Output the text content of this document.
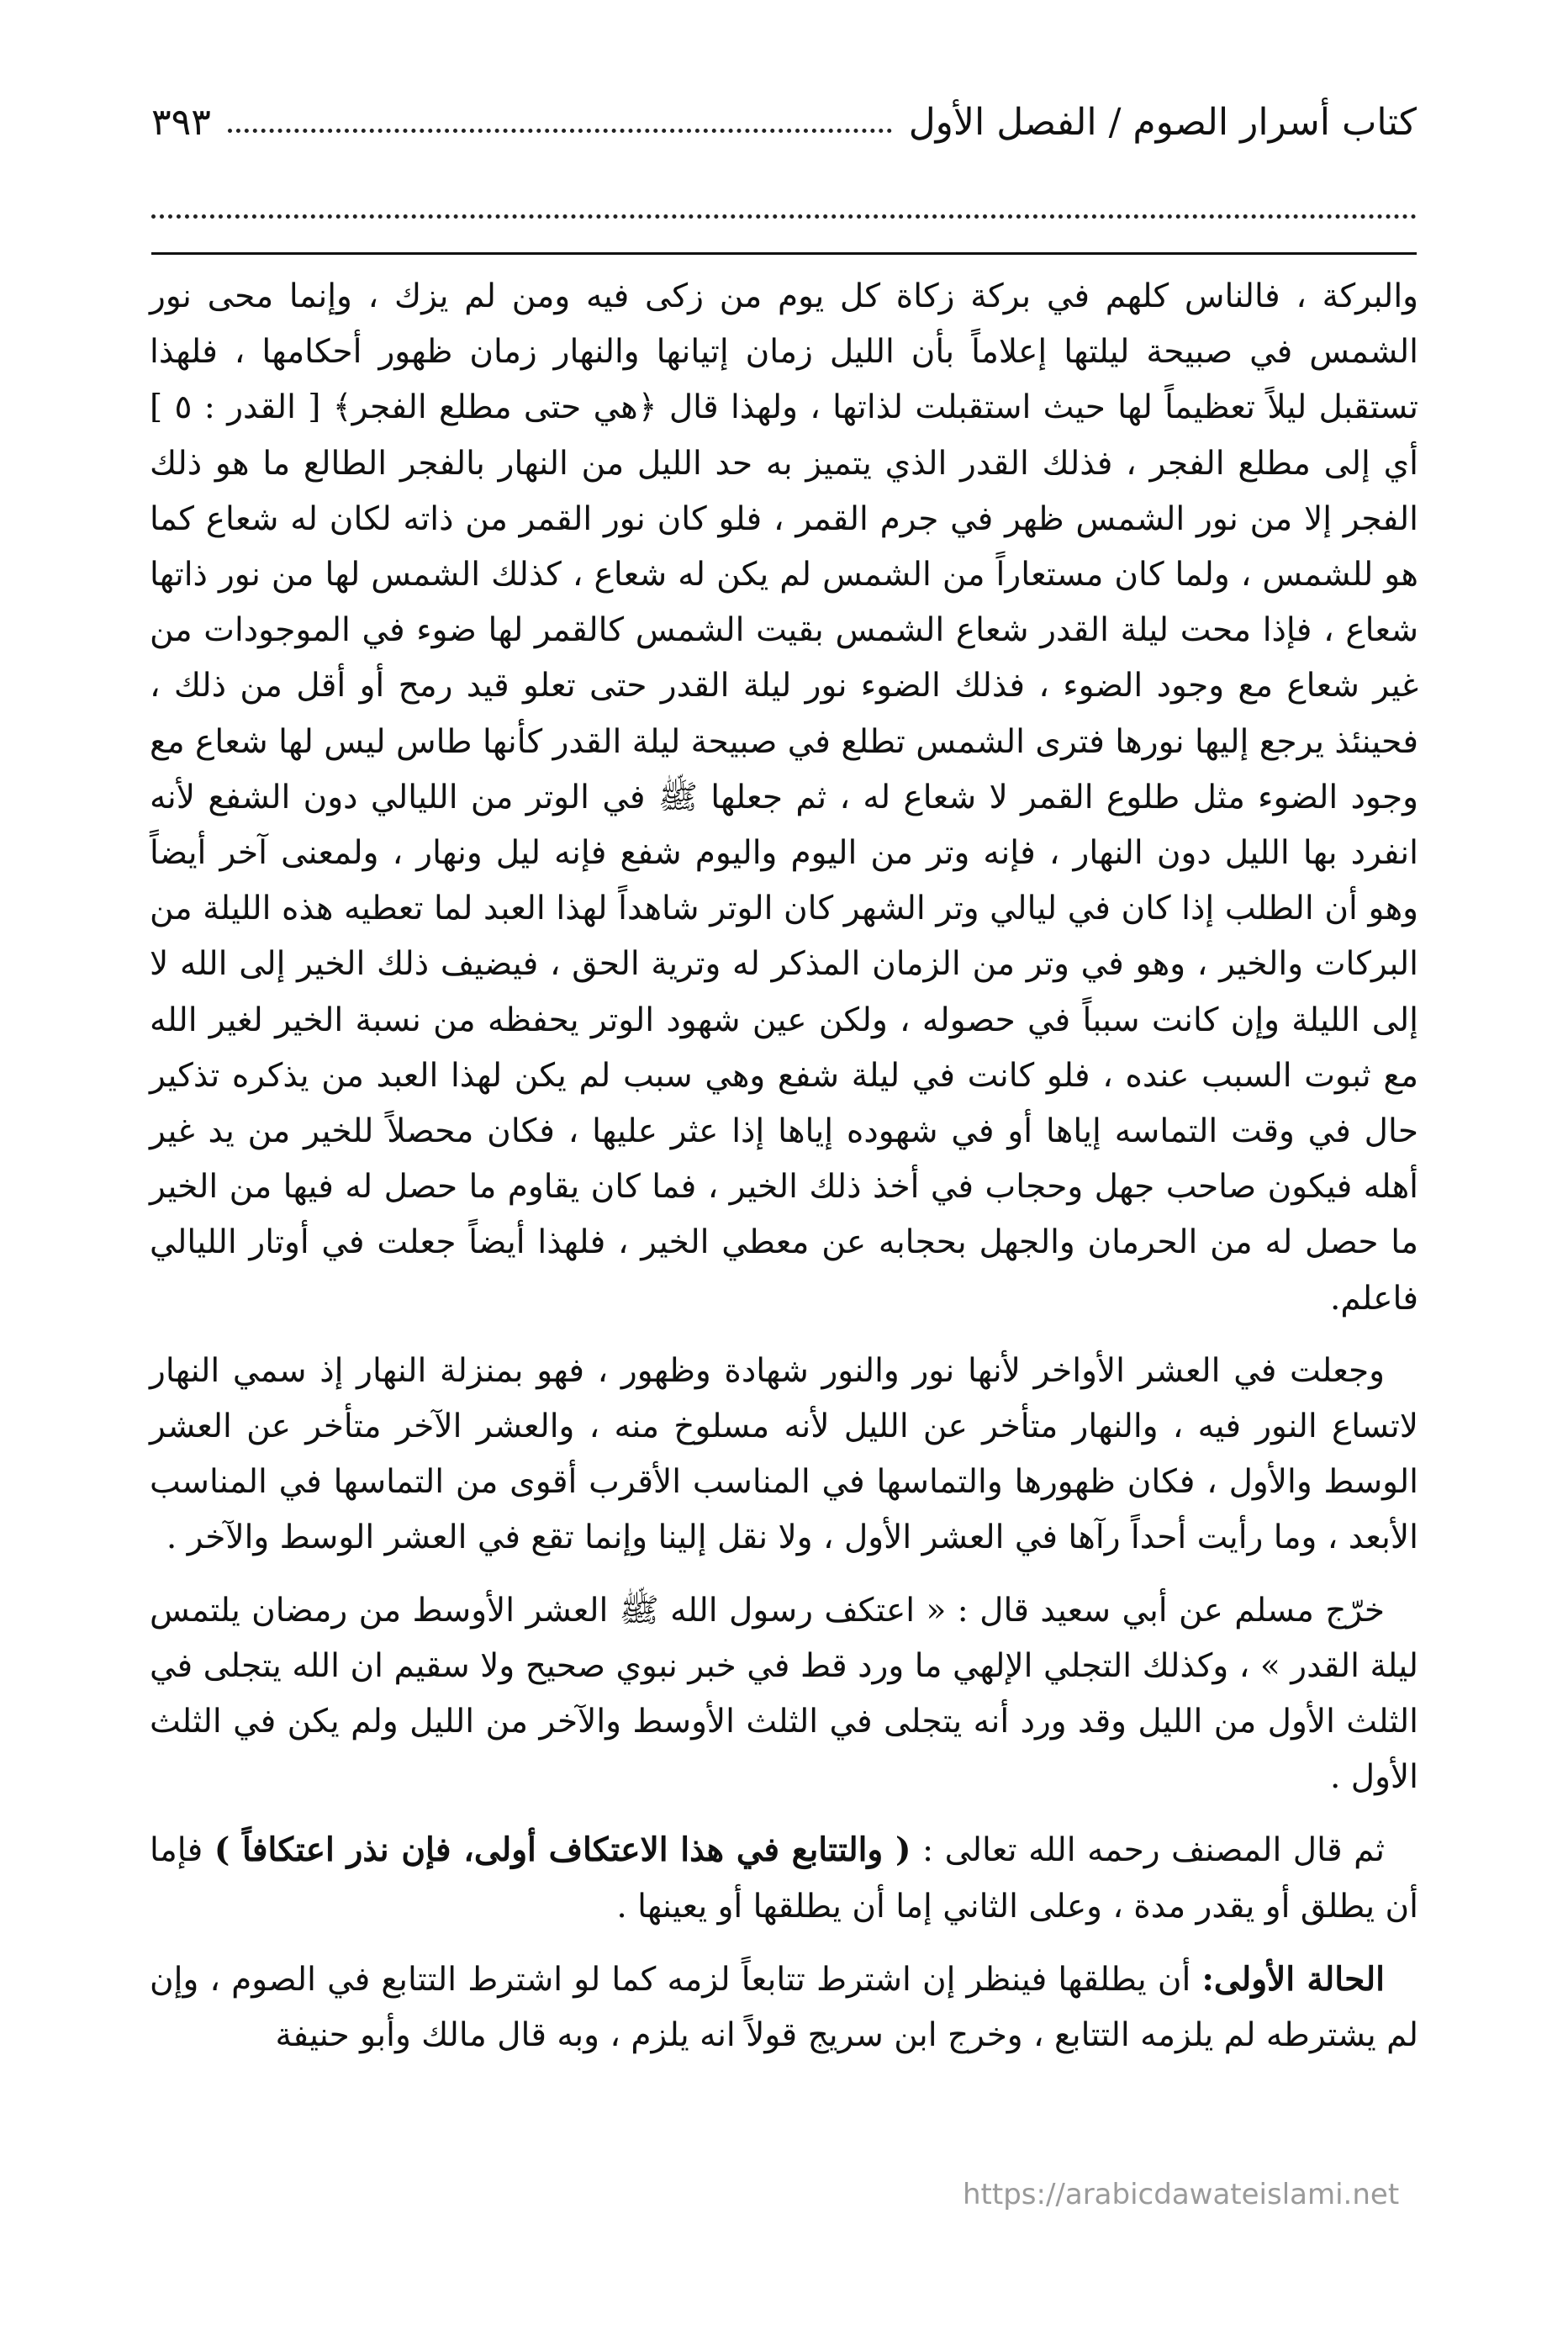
كتاب أسرار الصوم / الفصل الأول
٣٩٣

والبركة ، فالناس كلهم في بركة زكاة كل يوم من زكى فيه ومن لم يزك ، وإنما محى نور الشمس في صبيحة ليلتها إعلاماً بأن الليل زمان إتيانها والنهار زمان ظهور أحكامها ، فلهذا تستقبل ليلاً تعظيماً لها حيث استقبلت لذاتها ، ولهذا قال ﴿هي حتى مطلع الفجر﴾ [ القدر : ٥ ] أي إلى مطلع الفجر ، فذلك القدر الذي يتميز به حد الليل من النهار بالفجر الطالع ما هو ذلك الفجر إلا من نور الشمس ظهر في جرم القمر ، فلو كان نور القمر من ذاته لكان له شعاع كما هو للشمس ، ولما كان مستعاراً من الشمس لم يكن له شعاع ، كذلك الشمس لها من نور ذاتها شعاع ، فإذا محت ليلة القدر شعاع الشمس بقيت الشمس كالقمر لها ضوء في الموجودات من غير شعاع مع وجود الضوء ، فذلك الضوء نور ليلة القدر حتى تعلو قيد رمح أو أقل من ذلك ، فحينئذ يرجع إليها نورها فترى الشمس تطلع في صبيحة ليلة القدر كأنها طاس ليس لها شعاع مع وجود الضوء مثل طلوع القمر لا شعاع له ، ثم جعلها ﷺ في الوتر من الليالي دون الشفع لأنه انفرد بها الليل دون النهار ، فإنه وتر من اليوم واليوم شفع فإنه ليل ونهار ، ولمعنى آخر أيضاً وهو أن الطلب إذا كان في ليالي وتر الشهر كان الوتر شاهداً لهذا العبد لما تعطيه هذه الليلة من البركات والخير ، وهو في وتر من الزمان المذكر له وترية الحق ، فيضيف ذلك الخير إلى الله لا إلى الليلة وإن كانت سبباً في حصوله ، ولكن عين شهود الوتر يحفظه من نسبة الخير لغير الله مع ثبوت السبب عنده ، فلو كانت في ليلة شفع وهي سبب لم يكن لهذا العبد من يذكره تذكير حال في وقت التماسه إياها أو في شهوده إياها إذا عثر عليها ، فكان محصلاً للخير من يد غير أهله فيكون صاحب جهل وحجاب في أخذ ذلك الخير ، فما كان يقاوم ما حصل له فيها من الخير ما حصل له من الحرمان والجهل بحجابه عن معطي الخير ، فلهذا أيضاً جعلت في أوتار الليالي فاعلم.

وجعلت في العشر الأواخر لأنها نور والنور شهادة وظهور ، فهو بمنزلة النهار إذ سمي النهار لاتساع النور فيه ، والنهار متأخر عن الليل لأنه مسلوخ منه ، والعشر الآخر متأخر عن العشر الوسط والأول ، فكان ظهورها والتماسها في المناسب الأقرب أقوى من التماسها في المناسب الأبعد ، وما رأيت أحداً رآها في العشر الأول ، ولا نقل إلينا وإنما تقع في العشر الوسط والآخر .

خرّج مسلم عن أبي سعيد قال : « اعتكف رسول الله ﷺ العشر الأوسط من رمضان يلتمس ليلة القدر » ، وكذلك التجلي الإلهي ما ورد قط في خبر نبوي صحيح ولا سقيم ان الله يتجلى في الثلث الأول من الليل وقد ورد أنه يتجلى في الثلث الأوسط والآخر من الليل ولم يكن في الثلث الأول .

ثم قال المصنف رحمه الله تعالى : ( والتتابع في هذا الاعتكاف أولى، فإن نذر اعتكافاً ) فإما أن يطلق أو يقدر مدة ، وعلى الثاني إما أن يطلقها أو يعينها .

الحالة الأولى: أن يطلقها فينظر إن اشترط تتابعاً لزمه كما لو اشترط التتابع في الصوم ، وإن لم يشترطه لم يلزمه التتابع ، وخرج ابن سريج قولاً انه يلزم ، وبه قال مالك وأبو حنيفة

https://arabicdawateislami.net
